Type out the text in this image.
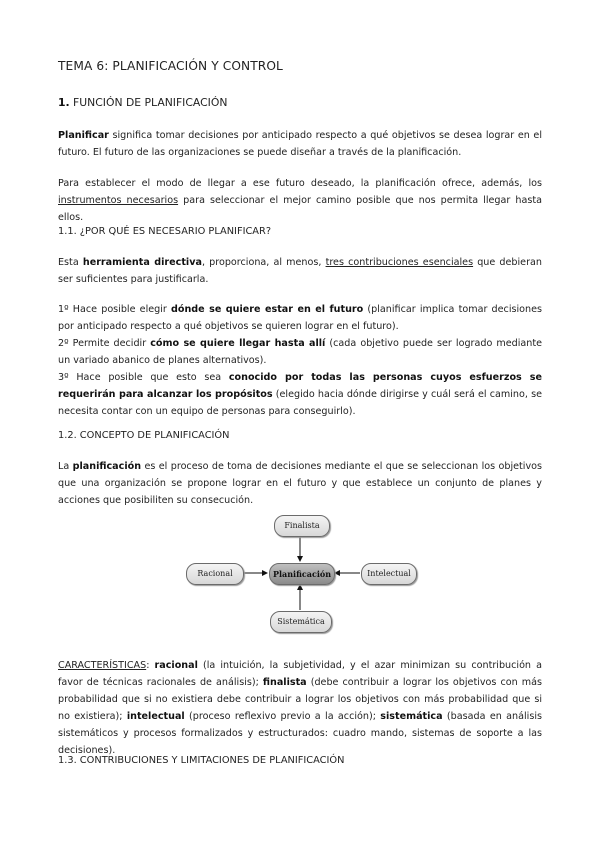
TEMA 6: PLANIFICACIÓN Y CONTROL
1. FUNCIÓN DE PLANIFICACIÓN
Planificar significa tomar decisiones por anticipado respecto a qué objetivos se desea lograr en el futuro. El futuro de las organizaciones se puede diseñar a través de la planificación.
Para establecer el modo de llegar a ese futuro deseado, la planificación ofrece, además, los instrumentos necesarios para seleccionar el mejor camino posible que nos permita llegar hasta ellos.
1.1. ¿POR QUÉ ES NECESARIO PLANIFICAR?
Esta herramienta directiva, proporciona, al menos, tres contribuciones esenciales que debieran ser suficientes para justificarla.
1º Hace posible elegir dónde se quiere estar en el futuro (planificar implica tomar decisiones por anticipado respecto a qué objetivos se quieren lograr en el futuro).
2º Permite decidir cómo se quiere llegar hasta allí (cada objetivo puede ser logrado mediante un variado abanico de planes alternativos).
3º Hace posible que esto sea conocido por todas las personas cuyos esfuerzos se requerirán para alcanzar los propósitos (elegido hacia dónde dirigirse y cuál será el camino, se necesita contar con un equipo de personas para conseguirlo).
1.2. CONCEPTO DE PLANIFICACIÓN
La planificación es el proceso de toma de decisiones mediante el que se seleccionan los objetivos que una organización se propone lograr en el futuro y que establece un conjunto de planes y acciones que posibiliten su consecución.
Finalista
Racional	Planificación	Intelectual
Sistemática
CARACTERÍSTICAS: racional (la intuición, la subjetividad, y el azar minimizan su contribución a favor de técnicas racionales de análisis); finalista (debe contribuir a lograr los objetivos con más probabilidad que si no existiera debe contribuir a lograr los objetivos con más probabilidad que si no existiera); intelectual (proceso reflexivo previo a la acción); sistemática (basada en análisis sistemáticos y procesos formalizados y estructurados: cuadro mando, sistemas de soporte a las decisiones).
1.3. CONTRIBUCIONES Y LIMITACIONES DE PLANIFICACIÓN
